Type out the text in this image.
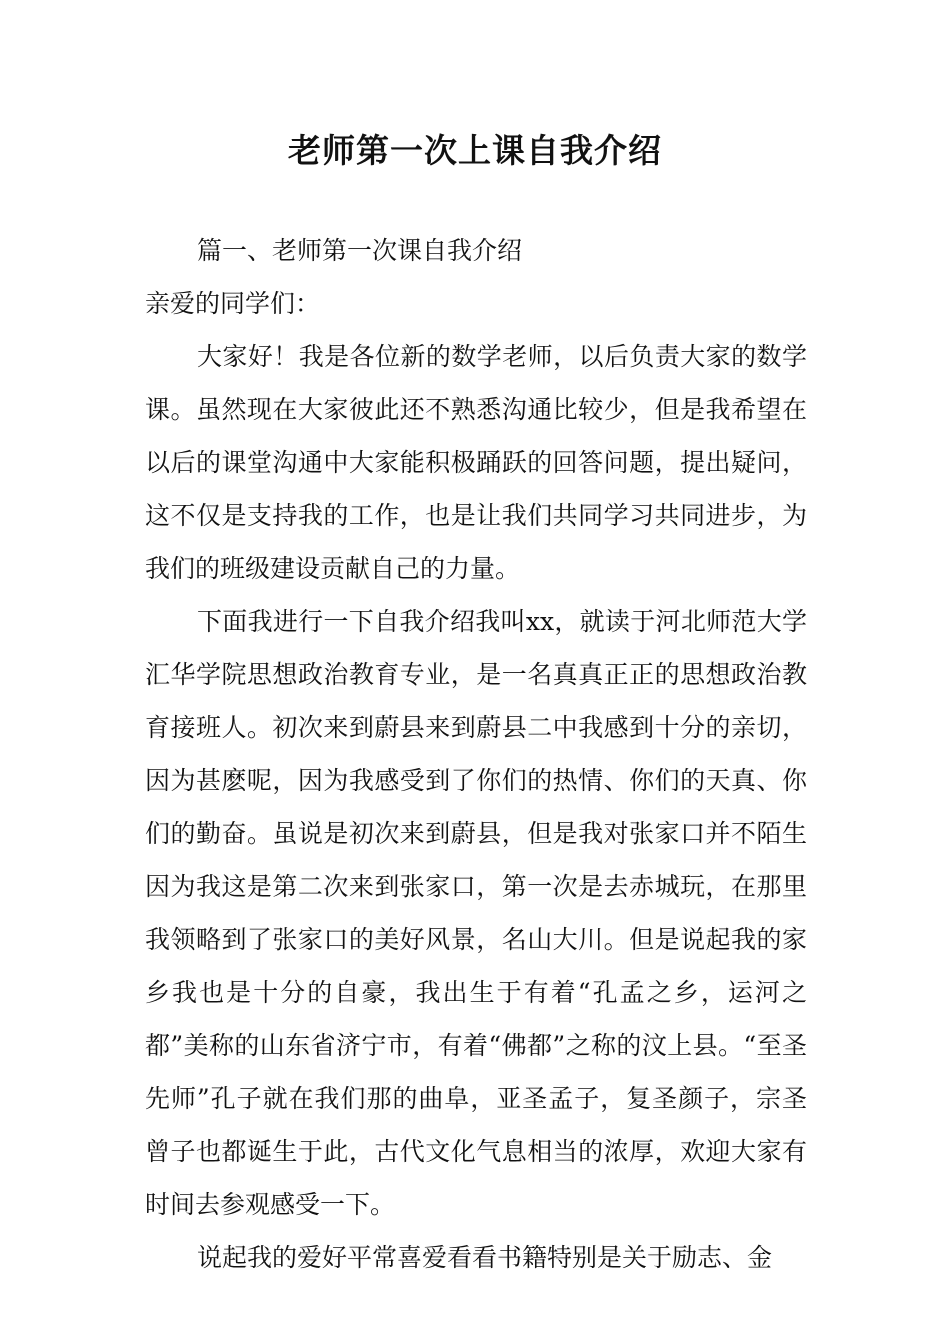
老师第一次上课自我介绍

篇一、老师第一次课自我介绍

亲爱的同学们：

大家好！我是各位新的数学老师，以后负责大家的数学课。虽然现在大家彼此还不熟悉沟通比较少，但是我希望在以后的课堂沟通中大家能积极踊跃的回答问题，提出疑问，这不仅是支持我的工作，也是让我们共同学习共同进步，为我们的班级建设贡献自己的力量。

下面我进行一下自我介绍我叫xx，就读于河北师范大学汇华学院思想政治教育专业，是一名真真正正的思想政治教育接班人。初次来到蔚县来到蔚县二中我感到十分的亲切，因为甚麽呢，因为我感受到了你们的热情、你们的天真、你们的勤奋。虽说是初次来到蔚县，但是我对张家口并不陌生因为我这是第二次来到张家口，第一次是去赤城玩，在那里我领略到了张家口的美好风景，名山大川。但是说起我的家乡我也是十分的自豪，我出生于有着“孔孟之乡，运河之都”美称的山东省济宁市，有着“佛都”之称的汶上县。“至圣先师”孔子就在我们那的曲阜，亚圣孟子，复圣颜子，宗圣曾子也都诞生于此，古代文化气息相当的浓厚，欢迎大家有时间去参观感受一下。

说起我的爱好平常喜爱看看书籍特别是关于励志、金
